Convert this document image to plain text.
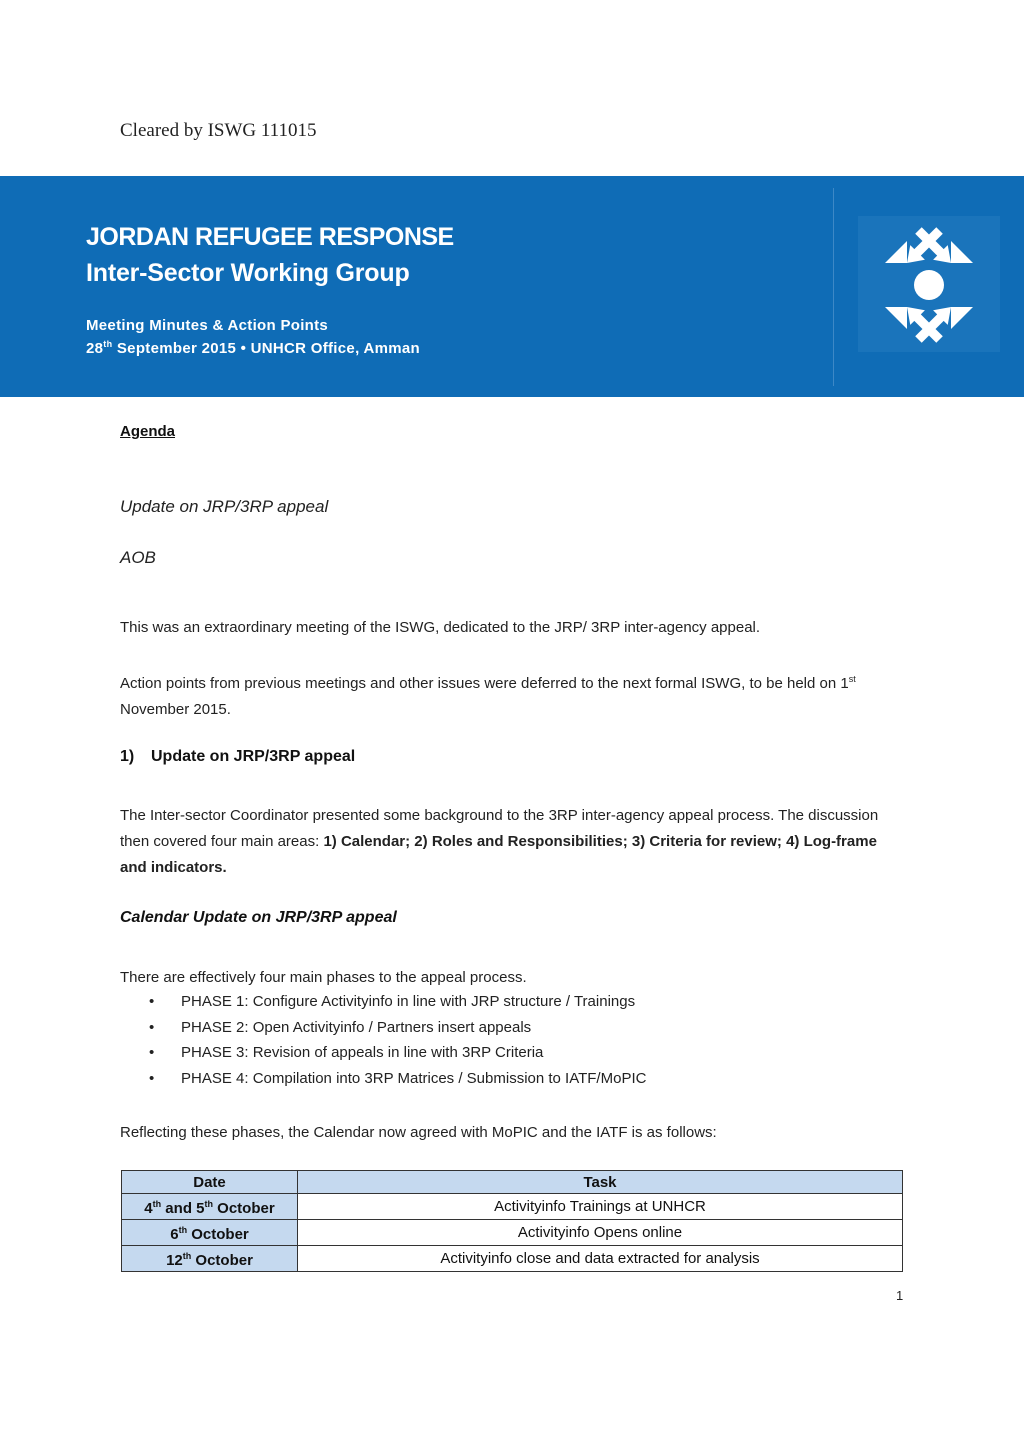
Cleared by ISWG 111015
JORDAN REFUGEE RESPONSE
Inter-Sector Working Group
Meeting Minutes & Action Points
28th September 2015 • UNHCR Office, Amman
Agenda
Update on JRP/3RP appeal
AOB
This was an extraordinary meeting of the ISWG, dedicated to the JRP/ 3RP inter-agency appeal.
Action points from previous meetings and other issues were deferred to the next formal ISWG, to be held on 1st November 2015.
1) Update on JRP/3RP appeal
The Inter-sector Coordinator presented some background to the 3RP inter-agency appeal process. The discussion then covered four main areas: 1) Calendar; 2) Roles and Responsibilities; 3) Criteria for review; 4) Log-frame and indicators.
Calendar Update on JRP/3RP appeal
There are effectively four main phases to the appeal process.
• PHASE 1: Configure Activityinfo in line with JRP structure / Trainings
• PHASE 2: Open Activityinfo / Partners insert appeals
• PHASE 3: Revision of appeals in line with 3RP Criteria
• PHASE 4: Compilation into 3RP Matrices / Submission to IATF/MoPIC
Reflecting these phases, the Calendar now agreed with MoPIC and the IATF is as follows:
Date	Task
4th and 5th October	Activityinfo Trainings at UNHCR
6th October	Activityinfo Opens online
12th October	Activityinfo close and data extracted for analysis
1
